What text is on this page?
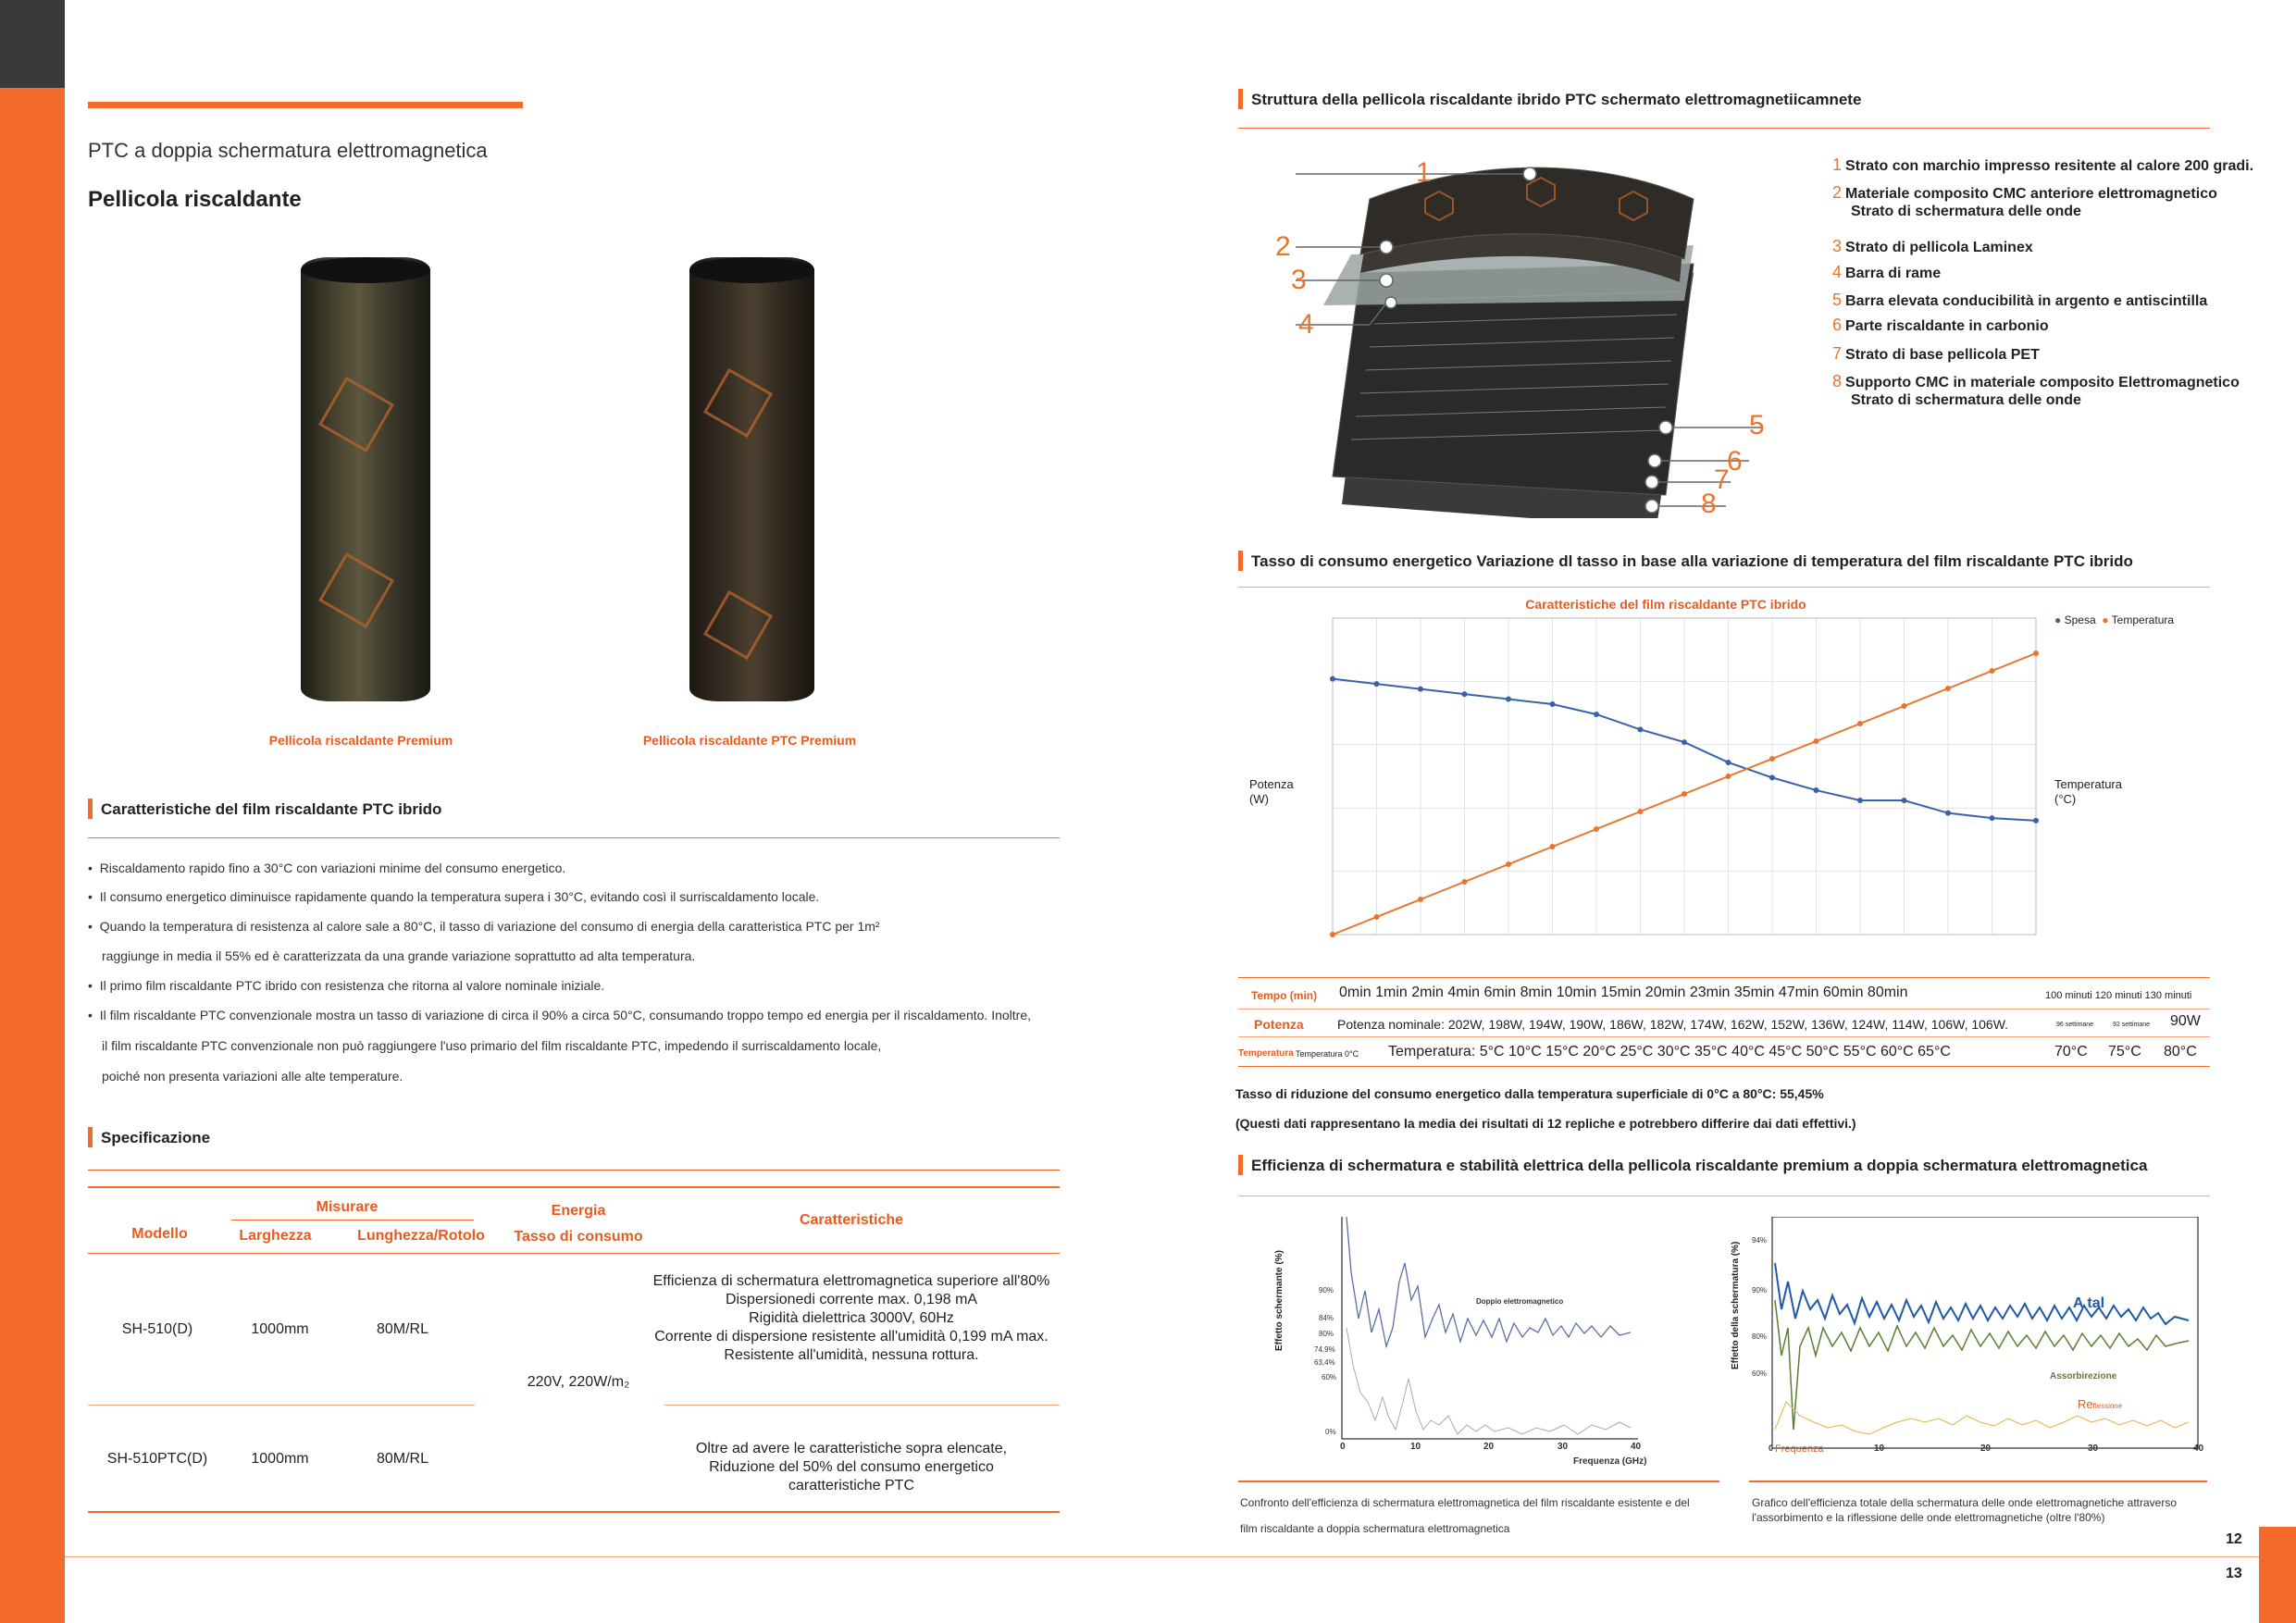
PTC a doppia schermatura elettromagnetica
Pellicola riscaldante
Pellicola riscaldante Premium	Pellicola riscaldante PTC Premium
Caratteristiche del film riscaldante PTC ibrido
•  Riscaldamento rapido fino a 30°C con variazioni minime del consumo energetico.
•  Il consumo energetico diminuisce rapidamente quando la temperatura supera i 30°C, evitando così il surriscaldamento locale.
•  Quando la temperatura di resistenza al calore sale a 80°C, il tasso di variazione del consumo di energia della caratteristica PTC per 1m²
raggiunge in media il 55% ed è caratterizzata da una grande variazione soprattutto ad alta temperatura.
•  Il primo film riscaldante PTC ibrido con resistenza che ritorna al valore nominale iniziale.
•  Il film riscaldante PTC convenzionale mostra un tasso di variazione di circa il 90% a circa 50°C, consumando troppo tempo ed energia per il riscaldamento. Inoltre,
il film riscaldante PTC convenzionale non può raggiungere l'uso primario del film riscaldante PTC, impedendo il surriscaldamento locale,
poiché non presenta variazioni alle alte temperature.
Specificazione
Modello
Misurare
Larghezza	Lunghezza/Rotolo
Energia
Tasso di consumo
Caratteristiche
SH-510(D)	1000mm	80M/RL
Efficienza di schermatura elettromagnetica superiore all'80%
Dispersionedi corrente max. 0,198 mA
Rigidità dielettrica 3000V, 60Hz
Corrente di dispersione resistente all'umidità 0,199 mA max.
Resistente all'umidità, nessuna rottura.
220V, 220W/m₂
SH-510PTC(D)	1000mm	80M/RL
Oltre ad avere le caratteristiche sopra elencate,
Riduzione del 50% del consumo energetico
caratteristiche PTC
Struttura della pellicola riscaldante ibrido PTC schermato elettromagnetiicamnete
1
2
3
4
5
6
7
8
1 Strato con marchio impresso resitente al calore 200 gradi.
2 Materiale composito CMC anteriore elettromagnetico
Strato di schermatura delle onde
3 Strato di pellicola Laminex
4 Barra di rame
5 Barra elevata conducibilità in argento e antiscintilla
6 Parte riscaldante in carbonio
7 Strato di base pellicola PET
8 Supporto CMC in materiale composito Elettromagnetico
Strato di schermatura delle onde
Tasso di consumo energetico Variazione dl tasso in base alla variazione di temperatura del film riscaldante PTC ibrido
Caratteristiche del film riscaldante PTC ibrido
Potenza
(W)
Temperatura
(°C)
● Spesa ● Temperatura
Tempo (min) 0min 1min 2min 4min 6min 8min 10min 15min 20min 23min 35min 47min 60min 80min	100 minuti 120 minuti 130 minuti
Potenza	Potenza nominale: 202W, 198W, 194W, 190W, 186W, 182W, 174W, 162W, 152W, 136W, 124W, 114W, 106W, 106W.	96 settimane	92 settimane 90W
Temperatura Temperatura 0°C Temperatura: 5°C 10°C 15°C 20°C 25°C 30°C 35°C 40°C 45°C 50°C 55°C 60°C 65°C	70°C 75°C 80°C
Tasso di riduzione del consumo energetico dalla temperatura superficiale di 0°C a 80°C: 55,45%
(Questi dati rappresentano la media dei risultati di 12 repliche e potrebbero differire dai dati effettivi.)
Efficienza di schermatura e stabilità elettrica della pellicola riscaldante premium a doppia schermatura elettromagnetica
Effetto schermante (%)	Doppio elettromagnetico
90%
84%
80%
74,9%
63,4%
60%
0%
0	10	20	30	40
Frequenza (GHz)
Confronto dell'efficienza di schermatura elettromagnetica del film riscaldante esistente e del
film riscaldante a doppia schermatura elettromagnetica
Effetto della schermatura (%)
94%
90%
80%
60%
0 Frequenza	10	20	30	40
A tal
Assorbirezione
Reflessione
Grafico dell'efficienza totale della schermatura delle onde elettromagnetiche attraverso
l'assorbimento e la riflessione delle onde elettromagnetiche (oltre l'80%)
12
13
